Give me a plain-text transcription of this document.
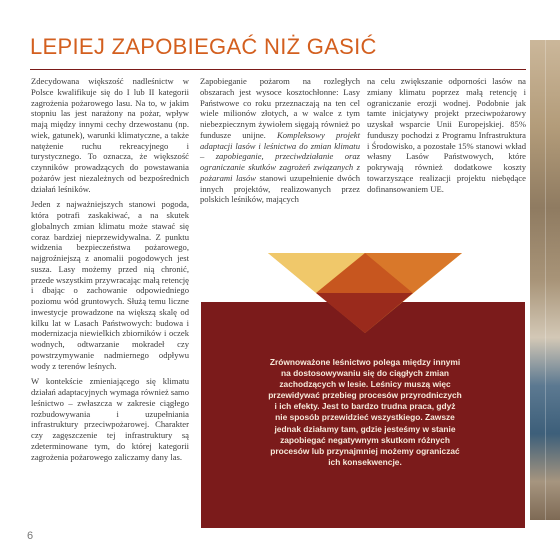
LEPIEJ ZAPOBIEGAĆ NIŻ GASIĆ

Zdecydowana większość nadleśnictw w Polsce kwalifikuje się do I lub II kategorii zagrożenia pożarowego lasu. Na to, w jakim stopniu las jest narażony na pożar, wpływ mają między innymi cechy drzewostanu (np. wiek, gatunek), warunki klimatyczne, a także natężenie ruchu rekreacyjnego i turystycznego. To oznacza, że większość czynników prowadzących do powstawania pożarów jest niezależnych od bezpośrednich działań leśników.

Jeden z najważniejszych stanowi pogoda, która potrafi zaskakiwać, a na skutek globalnych zmian klimatu może stawać się coraz bardziej nieprzewidywalna. Z punktu widzenia bezpieczeństwa pożarowego, najgroźniejszą z anomalii pogodowych jest susza. Lasy możemy przed nią chronić, przede wszystkim przywracając małą retencję i dbając o zachowanie odpowiedniego poziomu wód gruntowych. Służą temu liczne inwestycje prowadzone na większą skalę od kilku lat w Lasach Państwowych: budowa i modernizacja niewielkich zbiorników i oczek wodnych, odtwarzanie mokradeł czy powstrzymywanie nadmiernego odpływu wody z terenów leśnych.

W kontekście zmieniającego się klimatu działań adaptacyjnych wymaga również samo leśnictwo – zwłaszcza w zakresie ciągłego rozbudowywania i uzupełniania infrastruktury przeciwpożarowej. Charakter czy zagęszczenie tej infrastruktury są zdeterminowane tym, do której kategorii zagrożenia pożarowego zaliczamy dany las.

Zapobieganie pożarom na rozległych obszarach jest wysoce kosztochłonne: Lasy Państwowe co roku przeznaczają na ten cel wiele milionów złotych, a w walce z tym niebezpiecznym żywiołem sięgają również po fundusze unijne. Kompleksowy projekt adaptacji lasów i leśnictwa do zmian klimatu – zapobieganie, przeciwdziałanie oraz ograniczanie skutków zagrożeń związanych z pożarami lasów stanowi uzupełnienie dwóch innych projektów, realizowanych przez polskich leśników, mających

na celu zwiększanie odporności lasów na zmiany klimatu poprzez małą retencję i ograniczanie erozji wodnej. Podobnie jak tamte inicjatywy projekt przeciwpożarowy uzyskał wsparcie Unii Europejskiej. 85% funduszy pochodzi z Programu Infrastruktura i Środowisko, a pozostałe 15% stanowi wkład własny Lasów Państwowych, które pokrywają również dodatkowe koszty towarzyszące realizacji projektu niebędące dofinansowaniem UE.

Zrównoważone leśnictwo polega między innymi na dostosowywaniu się do ciągłych zmian zachodzących w lesie. Leśnicy muszą więc przewidywać przebieg procesów przyrodniczych i ich efekty. Jest to bardzo trudna praca, gdyż nie sposób przewidzieć wszystkiego. Zawsze jednak działamy tam, gdzie jesteśmy w stanie zapobiegać negatywnym skutkom różnych procesów lub przynajmniej możemy ograniczać ich konsekwencje.

6
